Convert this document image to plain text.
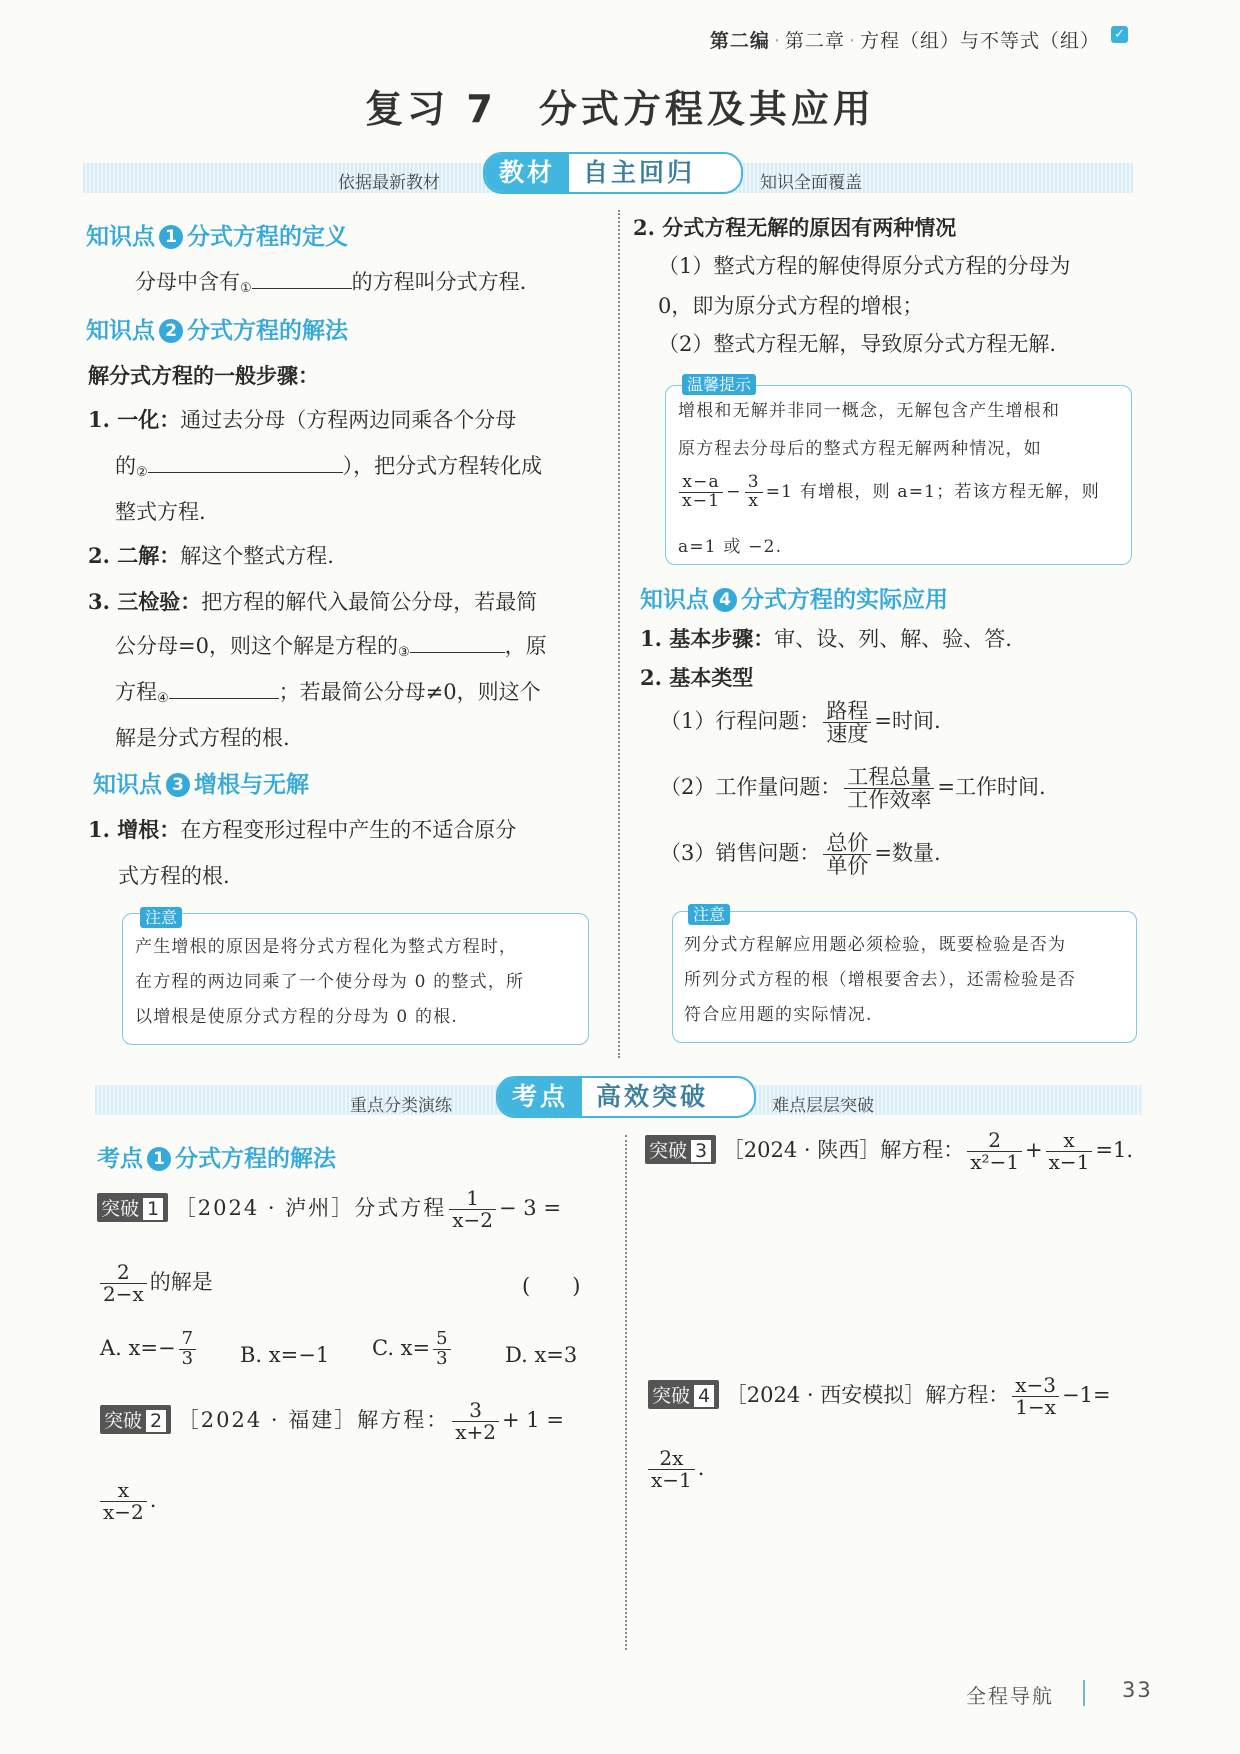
第二编 · 第二章 · 方程（组）与不等式（组） ✓
复习 7　分式方程及其应用
依据最新教材	教材	自主回归	知识全面覆盖
知识点 1 分式方程的定义
分母中含有①	的方程叫分式方程.
知识点 2 分式方程的解法
解分式方程的一般步骤：
1. 一化：通过去分母（方程两边同乘各个分母
的②	），把分式方程转化成
整式方程.
2. 二解：解这个整式方程.
3. 三检验：把方程的解代入最简公分母，若最简
公分母=0，则这个解是方程的③	，原
方程④	；若最简公分母≠0，则这个
解是分式方程的根.
知识点 3 增根与无解
1. 增根：在方程变形过程中产生的不适合原分
式方程的根.
注意
产生增根的原因是将分式方程化为整式方程时，
在方程的两边同乘了一个使分母为 0 的整式，所
以增根是使原分式方程的分母为 0 的根.
2. 分式方程无解的原因有两种情况
（1）整式方程的解使得原分式方程的分母为
0，即为原分式方程的增根；
（2）整式方程无解，导致原分式方程无解.
温馨提示
增根和无解并非同一概念，无解包含产生增根和
原方程去分母后的整式方程无解两种情况，如
$\frac{x-a}{x-1} - \frac{3}{x} =1$ 有增根，则 a=1；若该方程无解，则
a=1 或 −2.
知识点 4 分式方程的实际应用
1. 基本步骤：审、设、列、解、验、答.
2. 基本类型
（1）行程问题： $\frac{\text{路程}}{\text{速度}}$ =时间.
（2）工作量问题： $\frac{\text{工程总量}}{\text{工作效率}}$ =工作时间.
（3）销售问题： $\frac{\text{总价}}{\text{单价}}$ =数量.
注意
列分式方程解应用题必须检验，既要检验是否为
所列分式方程的根（增根要舍去），还需检验是否
符合应用题的实际情况.
重点分类演练	考点	高效突破	难点层层突破
考点 1 分式方程的解法
突破 1 ［2024 · 泸州］分式方程 $\frac{1}{x-2} - 3$ =
$\frac{2}{2-x}$ 的解是	(　　)
A. $x=- \frac{7}{3} B$. x=−1 C. $x= \frac{5}{3}$	D. x=3
突破 2 ［2024 · 福建］解方程： $\frac{3}{x+2} + 1$ =
$\frac{x}{x-2}$ .
突破 3 ［2024 · 陕西］解方程： $\frac{2}{\text{x²−1}} + \frac{x}{x-1} =1$.
突破 4 ［2024 · 西安模拟］解方程： $\frac{x-3}{1-x} -1=$
$\frac{2x}{x-1}$ .
全程导航	33
